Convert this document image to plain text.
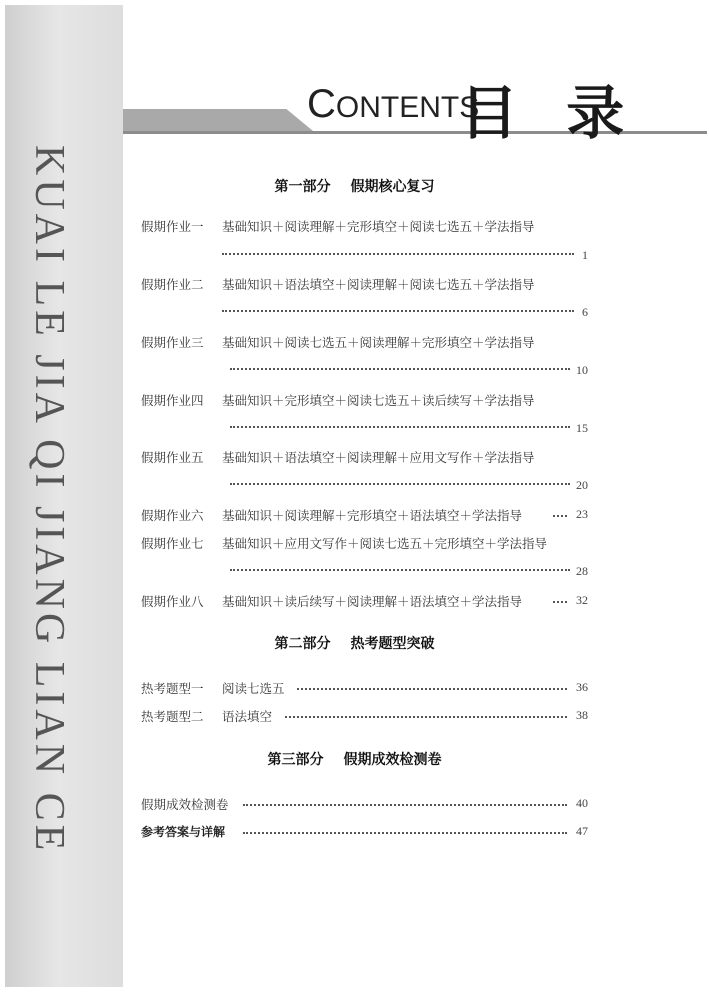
KUAI LE JIA QI JIANG LIAN CE
CONTENTS
目 录
第一部分 假期核心复习
假期作业一 基础知识＋阅读理解＋完形填空＋阅读七选五＋学法指导
1
假期作业二 基础知识＋语法填空＋阅读理解＋阅读七选五＋学法指导
6
假期作业三 基础知识＋阅读七选五＋阅读理解＋完形填空＋学法指导
10
假期作业四 基础知识＋完形填空＋阅读七选五＋读后续写＋学法指导
15
假期作业五 基础知识＋语法填空＋阅读理解＋应用文写作＋学法指导
20
假期作业六 基础知识＋阅读理解＋完形填空＋语法填空＋学法指导	23
假期作业七 基础知识＋应用文写作＋阅读七选五＋完形填空＋学法指导
28
假期作业八 基础知识＋读后续写＋阅读理解＋语法填空＋学法指导	32
第二部分 热考题型突破
热考题型一 阅读七选五	36
热考题型二 语法填空	38
第三部分 假期成效检测卷
假期成效检测卷	40
参考答案与详解	47
